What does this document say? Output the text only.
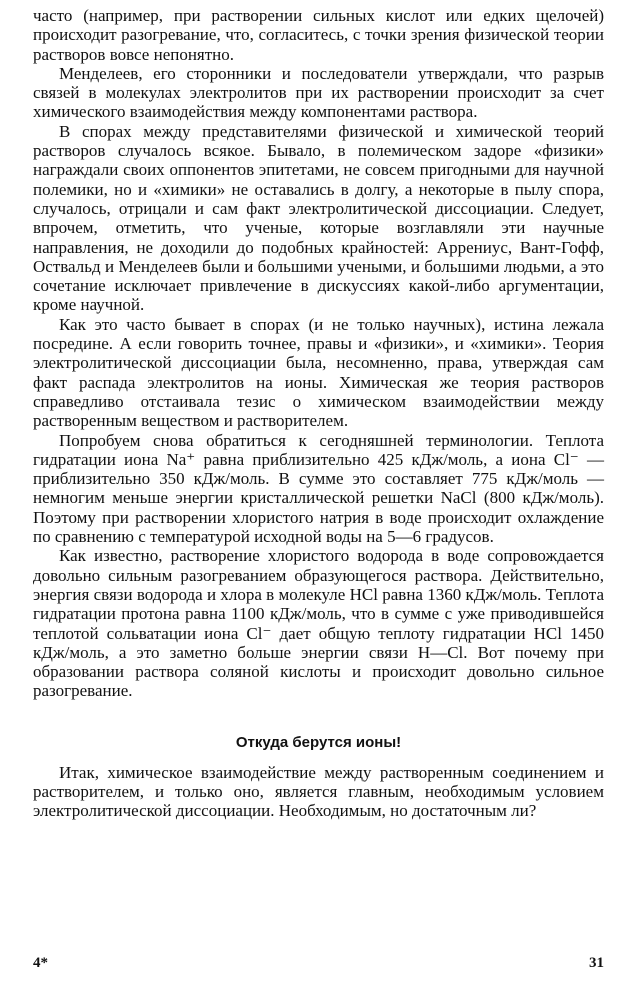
часто (например, при растворении сильных кислот или едких щелочей) происходит разогревание, что, согласитесь, с точки зрения физической теории растворов вовсе непонятно.

Менделеев, его сторонники и последователи утверждали, что разрыв связей в молекулах электролитов при их растворении происходит за счет химического взаимодействия между компонентами раствора.

В спорах между представителями физической и химической теорий растворов случалось всякое. Бывало, в полемическом задоре «физики» награждали своих оппонентов эпитетами, не совсем пригодными для научной полемики, но и «химики» не оставались в долгу, а некоторые в пылу спора, случалось, отрицали и сам факт электролитической диссоциации. Следует, впрочем, отметить, что ученые, которые возглавляли эти научные направления, не доходили до подобных крайностей: Аррениус, Вант-Гофф, Оствальд и Менделеев были и большими учеными, и большими людьми, а это сочетание исключает привлечение в дискуссиях какой-либо аргументации, кроме научной.

Как это часто бывает в спорах (и не только научных), истина лежала посредине. А если говорить точнее, правы и «физики», и «химики». Теория электролитической диссоциации была, несомненно, права, утверждая сам факт распада электролитов на ионы. Химическая же теория растворов справедливо отстаивала тезис о химическом взаимодействии между растворенным веществом и растворителем.

Попробуем снова обратиться к сегодняшней терминологии. Теплота гидратации иона Na⁺ равна приблизительно 425 кДж/моль, а иона Cl⁻ — приблизительно 350 кДж/моль. В сумме это составляет 775 кДж/моль — немногим меньше энергии кристаллической решетки NaCl (800 кДж/моль). Поэтому при растворении хлористого натрия в воде происходит охлаждение по сравнению с температурой исходной воды на 5—6 градусов.

Как известно, растворение хлористого водорода в воде сопровождается довольно сильным разогреванием образующегося раствора. Действительно, энергия связи водорода и хлора в молекуле HCl равна 1360 кДж/моль. Теплота гидратации протона равна 1100 кДж/моль, что в сумме с уже приводившейся теплотой сольватации иона Cl⁻ дает общую теплоту гидратации HCl 1450 кДж/моль, а это заметно больше энергии связи H—Cl. Вот почему при образовании раствора соляной кислоты и происходит довольно сильное разогревание.

Откуда берутся ионы!

Итак, химическое взаимодействие между растворенным соединением и растворителем, и только оно, является главным, необходимым условием электролитической диссоциации. Необходимым, но достаточным ли?

4*	31
